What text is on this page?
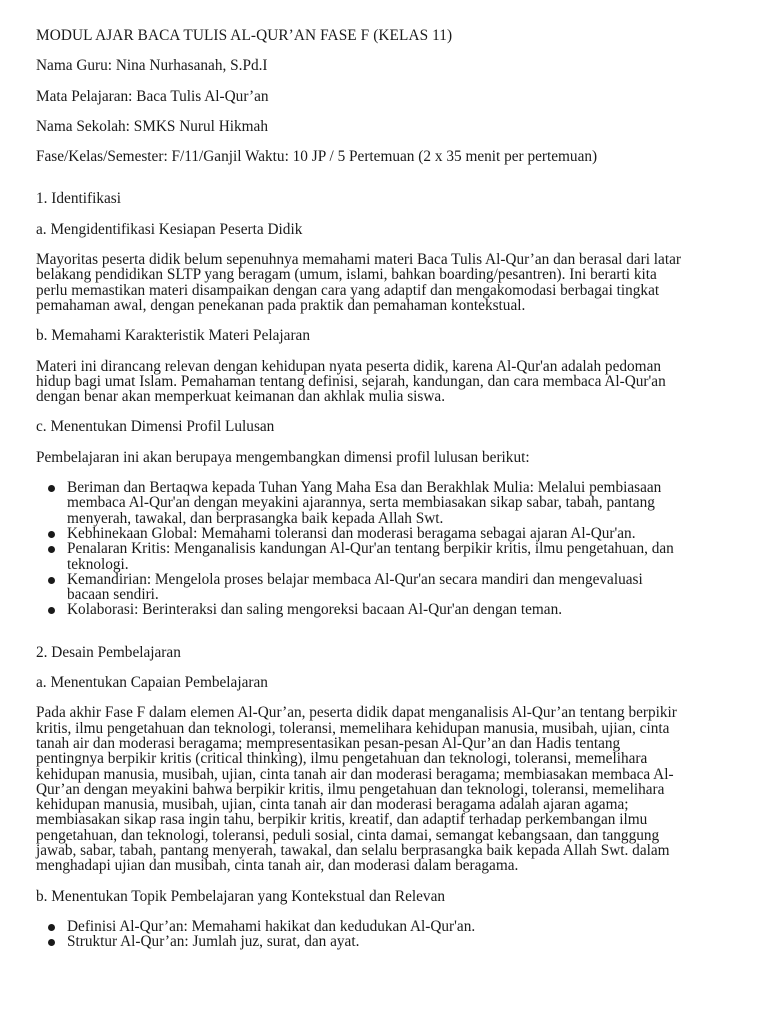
MODUL AJAR BACA TULIS AL-QUR’AN FASE F (KELAS 11)

Nama Guru: Nina Nurhasanah, S.Pd.I

Mata Pelajaran: Baca Tulis Al-Qur’an

Nama Sekolah: SMKS Nurul Hikmah

Fase/Kelas/Semester: F/11/Ganjil Waktu: 10 JP / 5 Pertemuan (2 x 35 menit per pertemuan)

1. Identifikasi

a. Mengidentifikasi Kesiapan Peserta Didik

Mayoritas peserta didik belum sepenuhnya memahami materi Baca Tulis Al-Qur’an dan berasal dari latar

belakang pendidikan SLTP yang beragam (umum, islami, bahkan boarding/pesantren). Ini berarti kita

perlu memastikan materi disampaikan dengan cara yang adaptif dan mengakomodasi berbagai tingkat

pemahaman awal, dengan penekanan pada praktik dan pemahaman kontekstual.

b. Memahami Karakteristik Materi Pelajaran

Materi ini dirancang relevan dengan kehidupan nyata peserta didik, karena Al-Qur'an adalah pedoman

hidup bagi umat Islam. Pemahaman tentang definisi, sejarah, kandungan, dan cara membaca Al-Qur'an

dengan benar akan memperkuat keimanan dan akhlak mulia siswa.

c. Menentukan Dimensi Profil Lulusan

Pembelajaran ini akan berupaya mengembangkan dimensi profil lulusan berikut:

Beriman dan Bertaqwa kepada Tuhan Yang Maha Esa dan Berakhlak Mulia: Melalui pembiasaan
membaca Al-Qur'an dengan meyakini ajarannya, serta membiasakan sikap sabar, tabah, pantang
menyerah, tawakal, dan berprasangka baik kepada Allah Swt.
Kebhinekaan Global: Memahami toleransi dan moderasi beragama sebagai ajaran Al-Qur'an.
Penalaran Kritis: Menganalisis kandungan Al-Qur'an tentang berpikir kritis, ilmu pengetahuan, dan
teknologi.
Kemandirian: Mengelola proses belajar membaca Al-Qur'an secara mandiri dan mengevaluasi
bacaan sendiri.
Kolaborasi: Berinteraksi dan saling mengoreksi bacaan Al-Qur'an dengan teman.

2. Desain Pembelajaran

a. Menentukan Capaian Pembelajaran

Pada akhir Fase F dalam elemen Al-Qur’an, peserta didik dapat menganalisis Al-Qur’an tentang berpikir

kritis, ilmu pengetahuan dan teknologi, toleransi, memelihara kehidupan manusia, musibah, ujian, cinta

tanah air dan moderasi beragama; mempresentasikan pesan-pesan Al-Qur’an dan Hadis tentang

pentingnya berpikir kritis (critical thinking), ilmu pengetahuan dan teknologi, toleransi, memelihara

kehidupan manusia, musibah, ujian, cinta tanah air dan moderasi beragama; membiasakan membaca Al-

Qur’an dengan meyakini bahwa berpikir kritis, ilmu pengetahuan dan teknologi, toleransi, memelihara

kehidupan manusia, musibah, ujian, cinta tanah air dan moderasi beragama adalah ajaran agama;

membiasakan sikap rasa ingin tahu, berpikir kritis, kreatif, dan adaptif terhadap perkembangan ilmu

pengetahuan, dan teknologi, toleransi, peduli sosial, cinta damai, semangat kebangsaan, dan tanggung

jawab, sabar, tabah, pantang menyerah, tawakal, dan selalu berprasangka baik kepada Allah Swt. dalam

menghadapi ujian dan musibah, cinta tanah air, dan moderasi dalam beragama.

b. Menentukan Topik Pembelajaran yang Kontekstual dan Relevan

Definisi Al-Qur’an: Memahami hakikat dan kedudukan Al-Qur'an.
Struktur Al-Qur’an: Jumlah juz, surat, dan ayat.
